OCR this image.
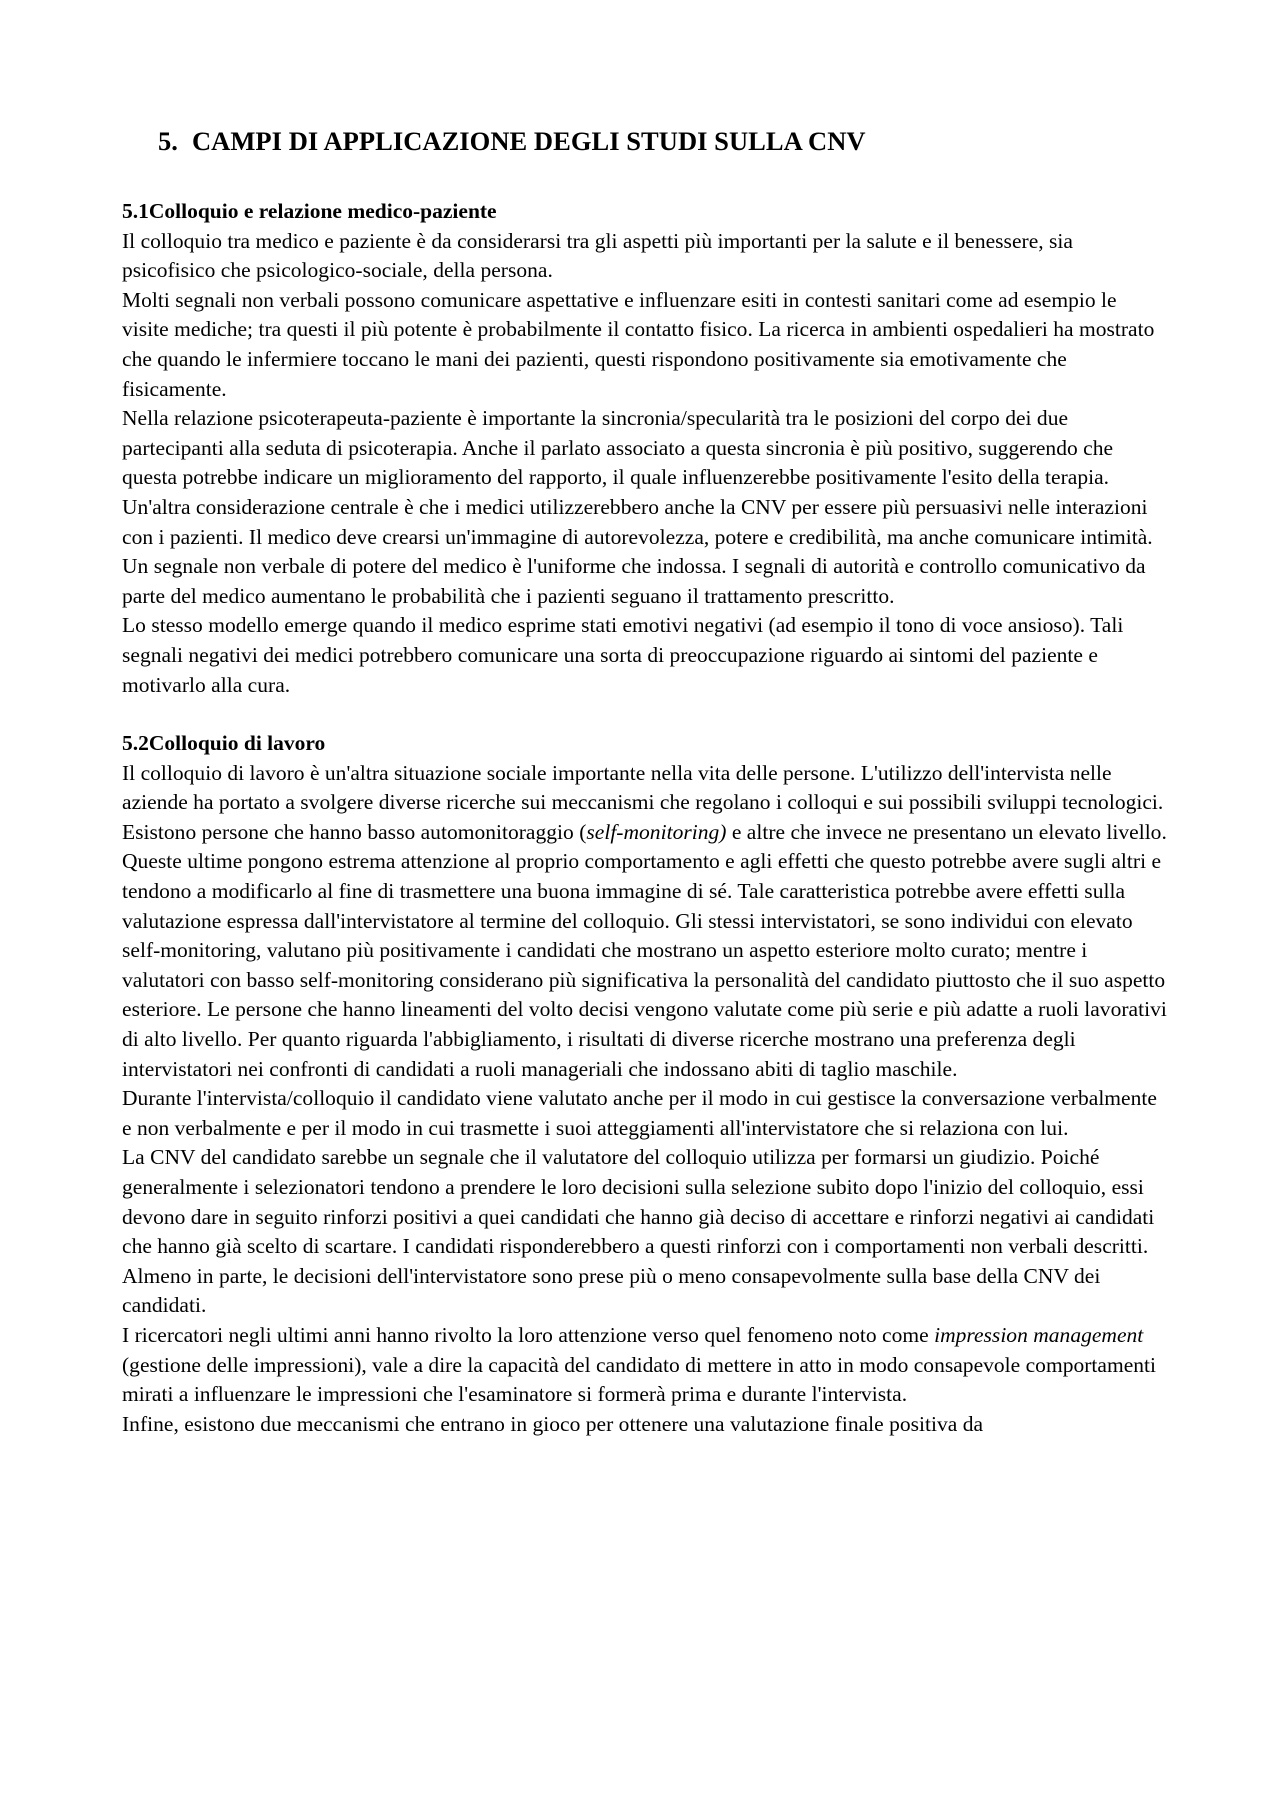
5. CAMPI DI APPLICAZIONE DEGLI STUDI SULLA CNV
5.1Colloquio e relazione medico-paziente

Il colloquio tra medico e paziente è da considerarsi tra gli aspetti più importanti per la salute e il benessere, sia psicofisico che psicologico-sociale, della persona.

Molti segnali non verbali possono comunicare aspettative e influenzare esiti in contesti sanitari come ad esempio le visite mediche; tra questi il più potente è probabilmente il contatto fisico. La ricerca in ambienti ospedalieri ha mostrato che quando le infermiere toccano le mani dei pazienti, questi rispondono positivamente sia emotivamente che fisicamente.

Nella relazione psicoterapeuta-paziente è importante la sincronia/specularità tra le posizioni del corpo dei due partecipanti alla seduta di psicoterapia. Anche il parlato associato a questa sincronia è più positivo, suggerendo che questa potrebbe indicare un miglioramento del rapporto, il quale influenzerebbe positivamente l'esito della terapia.

Un'altra considerazione centrale è che i medici utilizzerebbero anche la CNV per essere più persuasivi nelle interazioni con i pazienti. Il medico deve crearsi un'immagine di autorevolezza, potere e credibilità, ma anche comunicare intimità. Un segnale non verbale di potere del medico è l'uniforme che indossa. I segnali di autorità e controllo comunicativo da parte del medico aumentano le probabilità che i pazienti seguano il trattamento prescritto.

Lo stesso modello emerge quando il medico esprime stati emotivi negativi (ad esempio il tono di voce ansioso). Tali segnali negativi dei medici potrebbero comunicare una sorta di preoccupazione riguardo ai sintomi del paziente e motivarlo alla cura.

5.2Colloquio di lavoro

Il colloquio di lavoro è un'altra situazione sociale importante nella vita delle persone. L'utilizzo dell'intervista nelle aziende ha portato a svolgere diverse ricerche sui meccanismi che regolano i colloqui e sui possibili sviluppi tecnologici.

Esistono persone che hanno basso automonitoraggio (self-monitoring) e altre che invece ne presentano un elevato livello. Queste ultime pongono estrema attenzione al proprio comportamento e agli effetti che questo potrebbe avere sugli altri e tendono a modificarlo al fine di trasmettere una buona immagine di sé. Tale caratteristica potrebbe avere effetti sulla valutazione espressa dall'intervistatore al termine del colloquio. Gli stessi intervistatori, se sono individui con elevato self-monitoring, valutano più positivamente i candidati che mostrano un aspetto esteriore molto curato; mentre i valutatori con basso self-monitoring considerano più significativa la personalità del candidato piuttosto che il suo aspetto esteriore. Le persone che hanno lineamenti del volto decisi vengono valutate come più serie e più adatte a ruoli lavorativi di alto livello. Per quanto riguarda l'abbigliamento, i risultati di diverse ricerche mostrano una preferenza degli intervistatori nei confronti di candidati a ruoli manageriali che indossano abiti di taglio maschile.

Durante l'intervista/colloquio il candidato viene valutato anche per il modo in cui gestisce la conversazione verbalmente e non verbalmente e per il modo in cui trasmette i suoi atteggiamenti all'intervistatore che si relaziona con lui.

La CNV del candidato sarebbe un segnale che il valutatore del colloquio utilizza per formarsi un giudizio. Poiché generalmente i selezionatori tendono a prendere le loro decisioni sulla selezione subito dopo l'inizio del colloquio, essi devono dare in seguito rinforzi positivi a quei candidati che hanno già deciso di accettare e rinforzi negativi ai candidati che hanno già scelto di scartare. I candidati risponderebbero a questi rinforzi con i comportamenti non verbali descritti.

Almeno in parte, le decisioni dell'intervistatore sono prese più o meno consapevolmente sulla base della CNV dei candidati.

I ricercatori negli ultimi anni hanno rivolto la loro attenzione verso quel fenomeno noto come impression management (gestione delle impressioni), vale a dire la capacità del candidato di mettere in atto in modo consapevole comportamenti mirati a influenzare le impressioni che l'esaminatore si formerà prima e durante l'intervista.

Infine, esistono due meccanismi che entrano in gioco per ottenere una valutazione finale positiva da
